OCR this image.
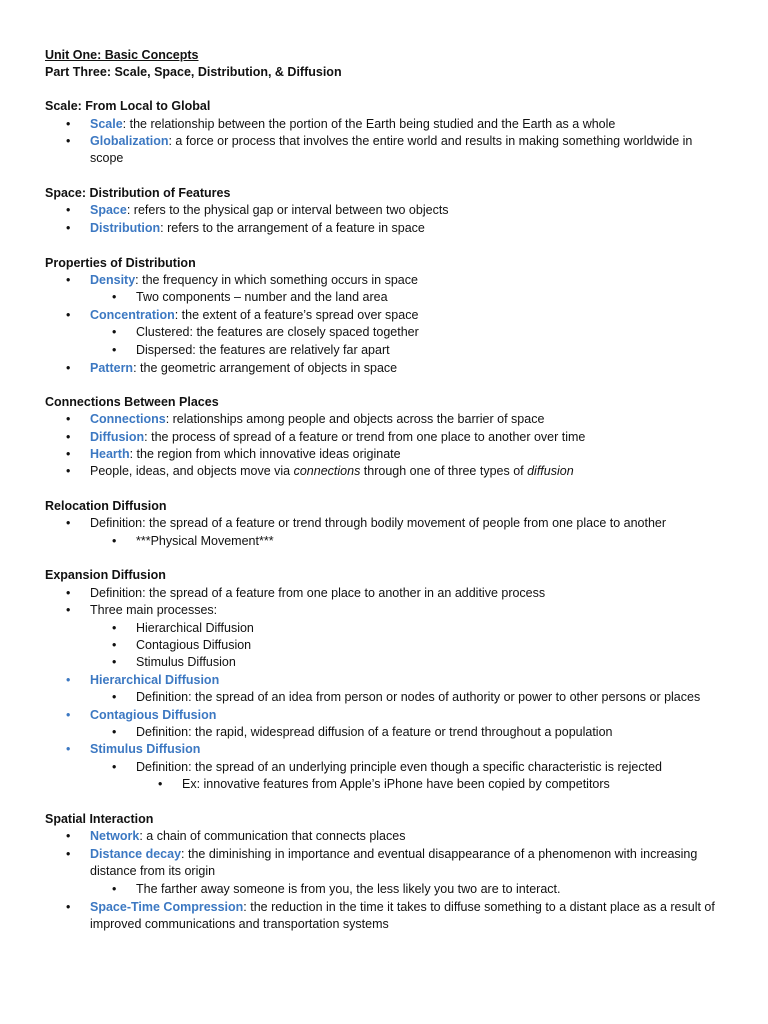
Unit One: Basic Concepts
Part Three: Scale, Space, Distribution, & Diffusion
Scale: From Local to Global
• Scale: the relationship between the portion of the Earth being studied and the Earth as a whole
• Globalization: a force or process that involves the entire world and results in making something worldwide in
scope
Space: Distribution of Features
• Space: refers to the physical gap or interval between two objects
• Distribution: refers to the arrangement of a feature in space
Properties of Distribution
• Density: the frequency in which something occurs in space
• Two components – number and the land area
• Concentration: the extent of a feature’s spread over space
• Clustered: the features are closely spaced together
• Dispersed: the features are relatively far apart
• Pattern: the geometric arrangement of objects in space
Connections Between Places
• Connections: relationships among people and objects across the barrier of space
• Diffusion: the process of spread of a feature or trend from one place to another over time
• Hearth: the region from which innovative ideas originate
• People, ideas, and objects move via connections through one of three types of diffusion
Relocation Diffusion
• Definition: the spread of a feature or trend through bodily movement of people from one place to another
• ***Physical Movement***
Expansion Diffusion
• Definition: the spread of a feature from one place to another in an additive process
• Three main processes:
• Hierarchical Diffusion
• Contagious Diffusion
• Stimulus Diffusion
• Hierarchical Diffusion
• Definition: the spread of an idea from person or nodes of authority or power to other persons or places
• Contagious Diffusion
• Definition: the rapid, widespread diffusion of a feature or trend throughout a population
• Stimulus Diffusion
• Definition: the spread of an underlying principle even though a specific characteristic is rejected
• Ex: innovative features from Apple’s iPhone have been copied by competitors
Spatial Interaction
• Network: a chain of communication that connects places
• Distance decay: the diminishing in importance and eventual disappearance of a phenomenon with increasing
distance from its origin
• The farther away someone is from you, the less likely you two are to interact.
• Space-Time Compression: the reduction in the time it takes to diffuse something to a distant place as a result of
improved communications and transportation systems
